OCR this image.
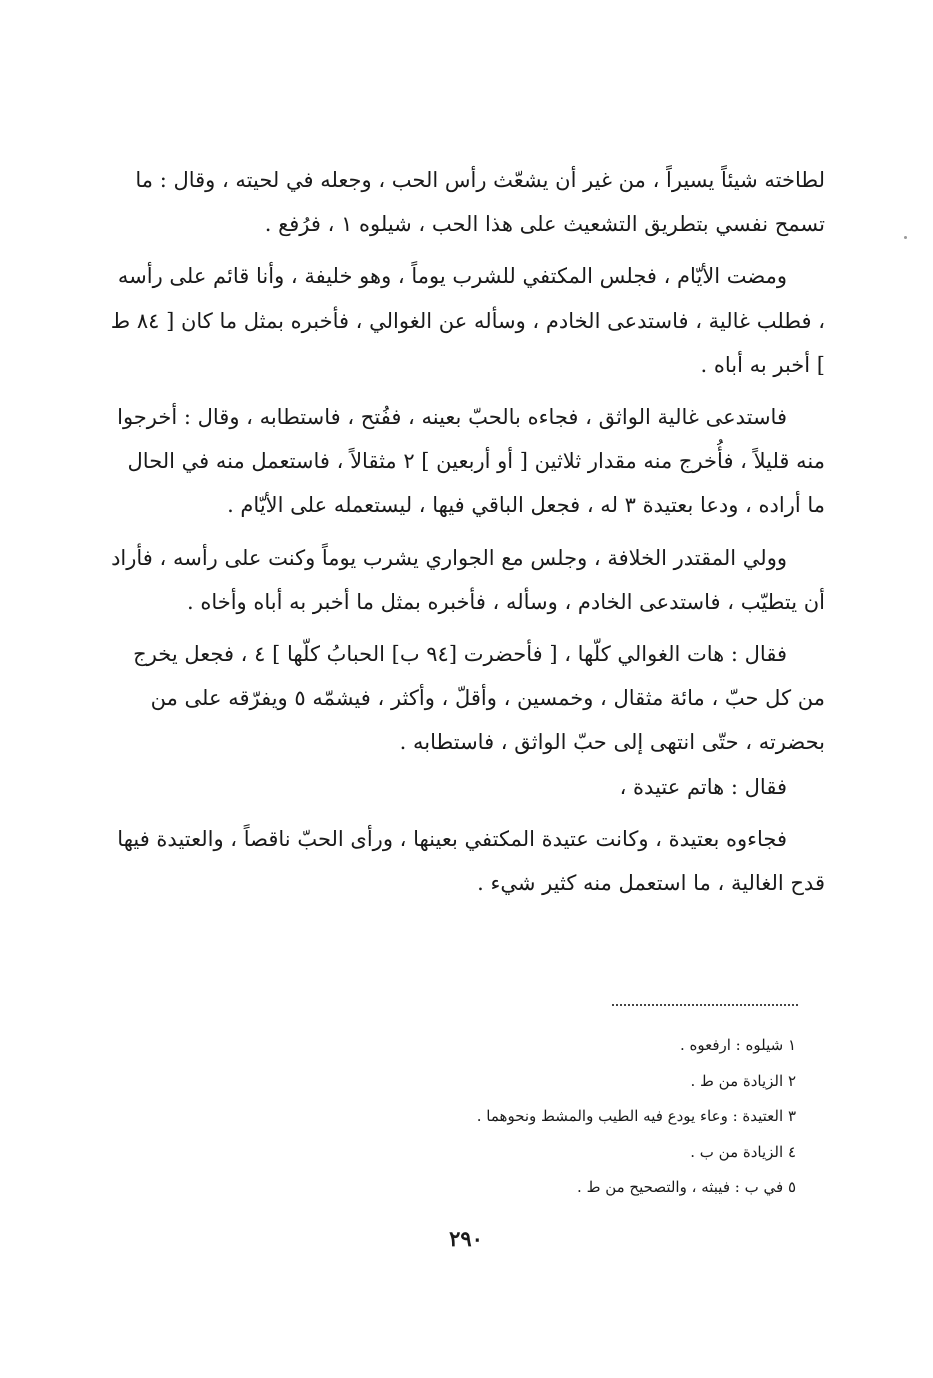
لطاخته شيئاً يسيراً ، من غير أن يشعّث رأس الحب ، وجعله في لحيته ، وقال : ما تسمح نفسي بتطريق التشعيث على هذا الحب ، شيلوه ١ ، فرُفع .

ومضت الأيّام ، فجلس المكتفي للشرب يوماً ، وهو خليفة ، وأنا قائم على رأسه ، فطلب غالية ، فاستدعى الخادم ، وسأله عن الغوالي ، فأخبره بمثل ما كان [ ٨٤ ط ] أخبر به أباه .

فاستدعى غالية الواثق ، فجاءه بالحبّ بعينه ، ففُتح ، فاستطابه ، وقال : أخرجوا منه قليلاً ، فأُخرج منه مقدار ثلاثين [ أو أربعين ] ٢ مثقالاً ، فاستعمل منه في الحال ما أراده ، ودعا بعتيدة ٣ له ، فجعل الباقي فيها ، ليستعمله على الأيّام .

وولي المقتدر الخلافة ، وجلس مع الجواري يشرب يوماً وكنت على رأسه ، فأراد أن يتطيّب ، فاستدعى الخادم ، وسأله ، فأخبره بمثل ما أخبر به أباه وأخاه .

فقال : هات الغوالي كلّها ، [ فأحضرت [٩٤ ب] الحبابُ كلّها ] ٤ ، فجعل يخرج من كل حبّ ، مائة مثقال ، وخمسين ، وأقلّ ، وأكثر ، فيشمّه ٥ ويفرّقه على من بحضرته ، حتّى انتهى إلى حبّ الواثق ، فاستطابه .

فقال : هاتم عتيدة ،

فجاءوه بعتيدة ، وكانت عتيدة المكتفي بعينها ، ورأى الحبّ ناقصاً ، والعتيدة فيها قدح الغالية ، ما استعمل منه كثير شيء .

١ شيلوه : ارفعوه .
٢ الزيادة من ط .
٣ العتيدة : وعاء يودع فيه الطيب والمشط ونحوهما .
٤ الزيادة من ب .
٥ في ب : فيبثه ، والتصحيح من ط .
٢٩٠
